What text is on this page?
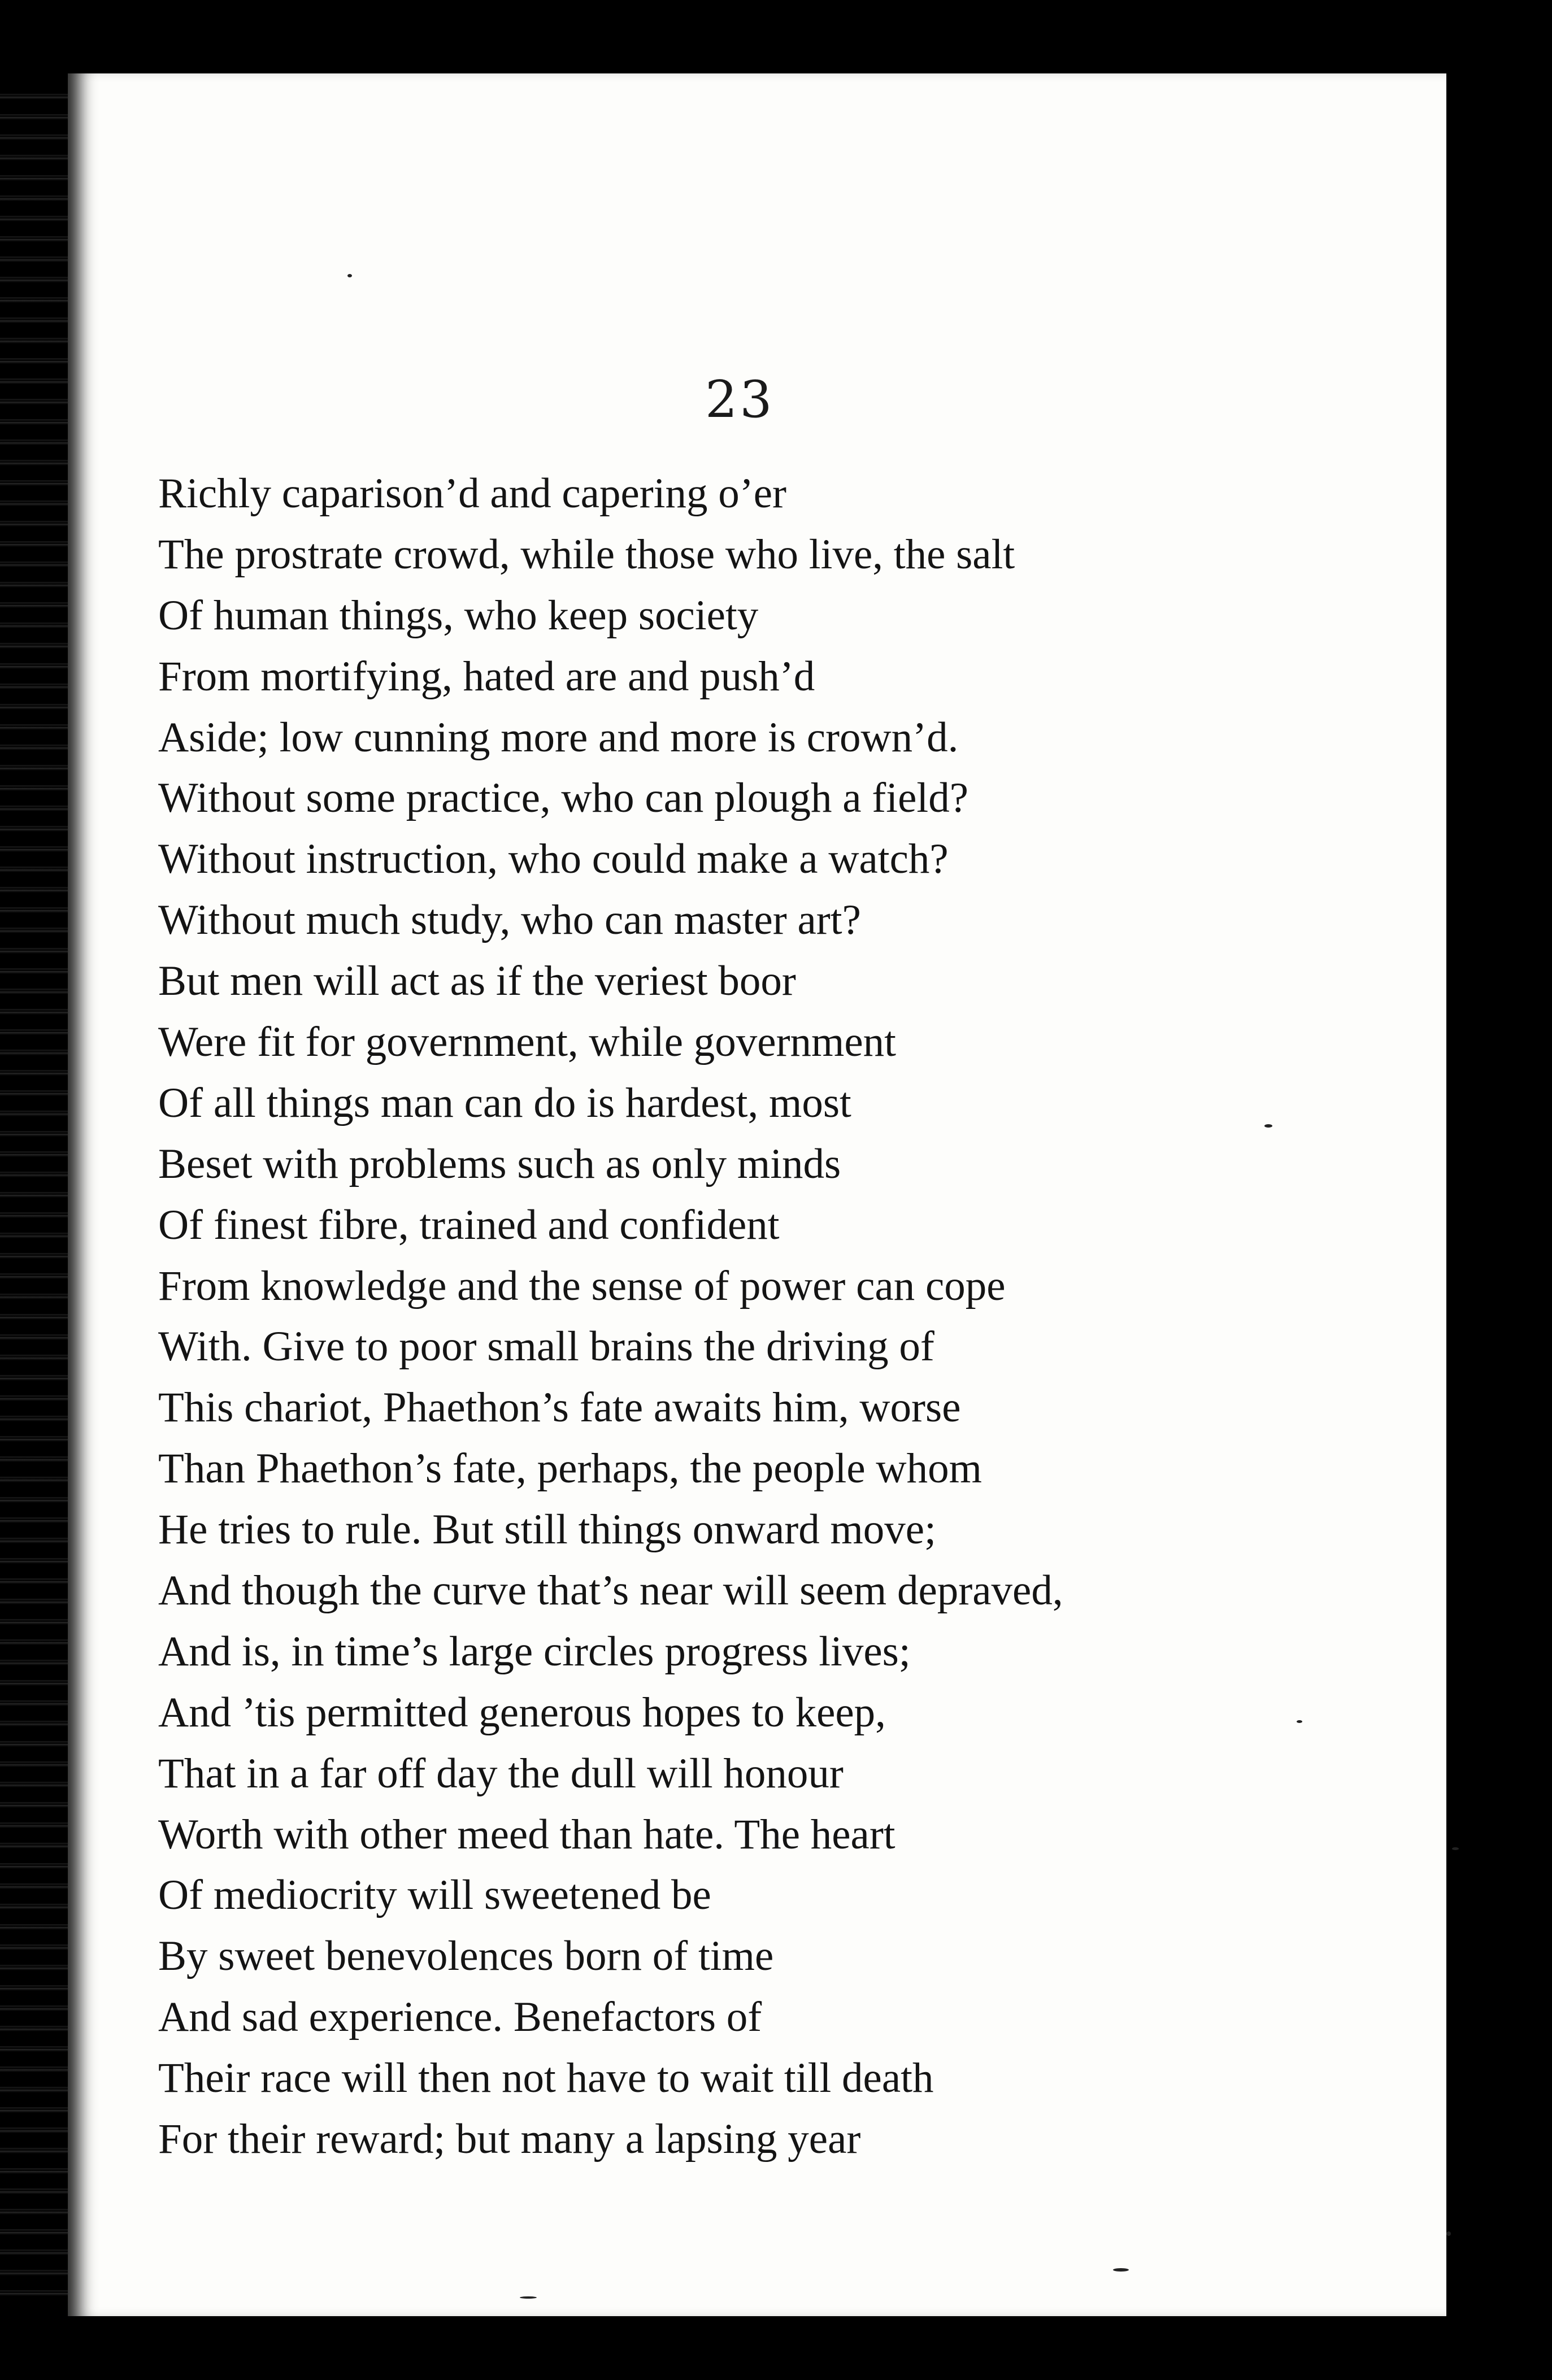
23
Richly caparison’d and capering o’er
The prostrate crowd, while those who live, the salt
Of human things, who keep society
From mortifying, hated are and push’d
Aside; low cunning more and more is crown’d.
Without some practice, who can plough a field?
Without instruction, who could make a watch?
Without much study, who can master art?
But men will act as if the veriest boor
Were fit for government, while government
Of all things man can do is hardest, most
Beset with problems such as only minds
Of finest fibre, trained and confident
From knowledge and the sense of power can cope
With. Give to poor small brains the driving of
This chariot, Phaethon’s fate awaits him, worse
Than Phaethon’s fate, perhaps, the people whom
He tries to rule. But still things onward move;
And though the curve that’s near will seem depraved,
And is, in time’s large circles progress lives;
And ’tis permitted generous hopes to keep,
That in a far off day the dull will honour
Worth with other meed than hate. The heart
Of mediocrity will sweetened be
By sweet benevolences born of time
And sad experience. Benefactors of
Their race will then not have to wait till death
For their reward; but many a lapsing year
